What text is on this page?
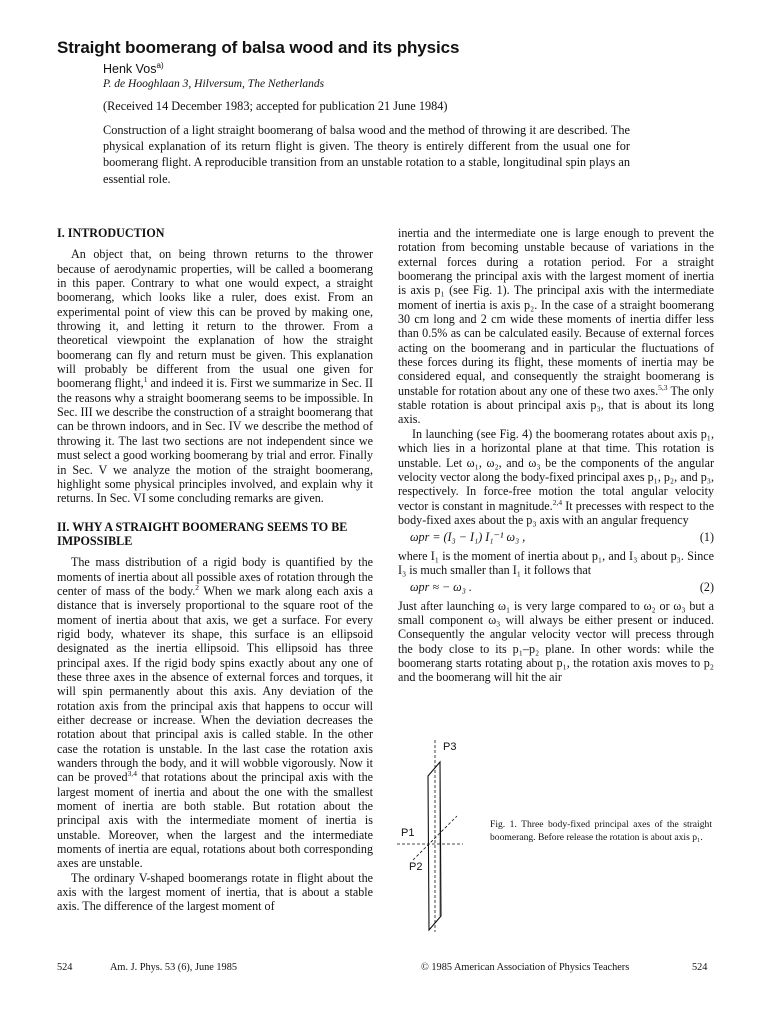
Straight boomerang of balsa wood and its physics
Henk Vos$^{a)}$
P. de Hooghlaan 3, Hilversum, The Netherlands
(Received 14 December 1983; accepted for publication 21 June 1984)
Construction of a light straight boomerang of balsa wood and the method of throwing it are described. The physical explanation of its return flight is given. The theory is entirely different from the usual one for boomerang flight. A reproducible transition from an unstable rotation to a stable, longitudinal spin plays an essential role.
I. INTRODUCTION

An object that, on being thrown returns to the thrower because of aerodynamic properties, will be called a boomerang in this paper. Contrary to what one would expect, a straight boomerang, which looks like a ruler, does exist. From an experimental point of view this can be proved by making one, throwing it, and letting it return to the thrower. From a theoretical viewpoint the explanation of how the straight boomerang can fly and return must be given. This explanation will probably be different from the usual one given for boomerang flight,$^1$ and indeed it is. First we summarize in Sec. II the reasons why a straight boomerang seems to be impossible. In Sec. III we describe the construction of a straight boomerang that can be thrown indoors, and in Sec. IV we describe the method of throwing it. The last two sections are not independent since we must select a good working boomerang by trial and error. Finally in Sec. V we analyze the motion of the straight boomerang, highlight some physical principles involved, and explain why it returns. In Sec. VI some concluding remarks are given.

II. WHY A STRAIGHT BOOMERANG SEEMS TO BE IMPOSSIBLE

The mass distribution of a rigid body is quantified by the moments of inertia about all possible axes of rotation through the center of mass of the body.$^2$ When we mark along each axis a distance that is inversely proportional to the square root of the moment of inertia about that axis, we get a surface. For every rigid body, whatever its shape, this surface is an ellipsoid designated as the inertia ellipsoid. This ellipsoid has three principal axes. If the rigid body spins exactly about any one of these three axes in the absence of external forces and torques, it will spin permanently about this axis. Any deviation of the rotation axis from the principal axis that happens to occur will either decrease or increase. When the deviation decreases the rotation about that principal axis is called stable. In the other case the rotation is unstable. In the last case the rotation axis wanders through the body, and it will wobble vigorously. Now it can be proved$^{3,4}$ that rotations about the principal axis with the largest moment of inertia and about the one with the smallest moment of inertia are both stable. But rotation about the principal axis with the intermediate moment of inertia is unstable. Moreover, when the largest and the intermediate moments of inertia are equal, rotations about both corresponding axes are unstable.

The ordinary V-shaped boomerangs rotate in flight about the axis with the largest moment of inertia, that is about a stable axis. The difference of the largest moment of

inertia and the intermediate one is large enough to prevent the rotation from becoming unstable because of variations in the external forces during a rotation period. For a straight boomerang the principal axis with the largest moment of inertia is axis p₁ (see Fig. 1). The principal axis with the intermediate moment of inertia is axis p₂. In the case of a straight boomerang 30 cm long and 2 cm wide these moments of inertia differ less than 0.5% as can be calculated easily. Because of external forces acting on the boomerang and in particular the fluctuations of these forces during its flight, these moments of inertia may be considered equal, and consequently the straight boomerang is unstable for rotation about any one of these two axes.$^{5,3}$ The only stable rotation is about principal axis p₃, that is about its long axis.

In launching (see Fig. 4) the boomerang rotates about axis p₁, which lies in a horizontal plane at that time. This rotation is unstable. Let ω₁, ω₂, and ω₃ be the components of the angular velocity vector along the body-fixed principal axes p₁, p₂, and p₃, respectively. In force-free motion the total angular velocity vector is constant in magnitude.$^{2,4}$ It precesses with respect to the body-fixed axes about the p₃ axis with an angular frequency

ωpr = (I₃ − I₁) I₁⁻¹ ω₃ ,	(1)

where I₁ is the moment of inertia about p₁, and I₃ about p₃. Since I₃ is much smaller than I₁ it follows that

ωpr ≈ − ω₃ .	(2)

Just after launching ω₁ is very large compared to ω₂ or ω₃ but a small component ω₃ will always be either present or induced. Consequently the angular velocity vector will precess through the body close to its p₁–p₂ plane. In other words: while the boomerang starts rotating about p₁, the rotation axis moves to p₂ and the boomerang will hit the air

P3
P1
P2
Fig. 1. Three body-fixed principal axes of the straight boomerang. Before release the rotation is about axis p₁.
524	Am. J. Phys. 53 (6), June 1985	© 1985 American Association of Physics Teachers	524
